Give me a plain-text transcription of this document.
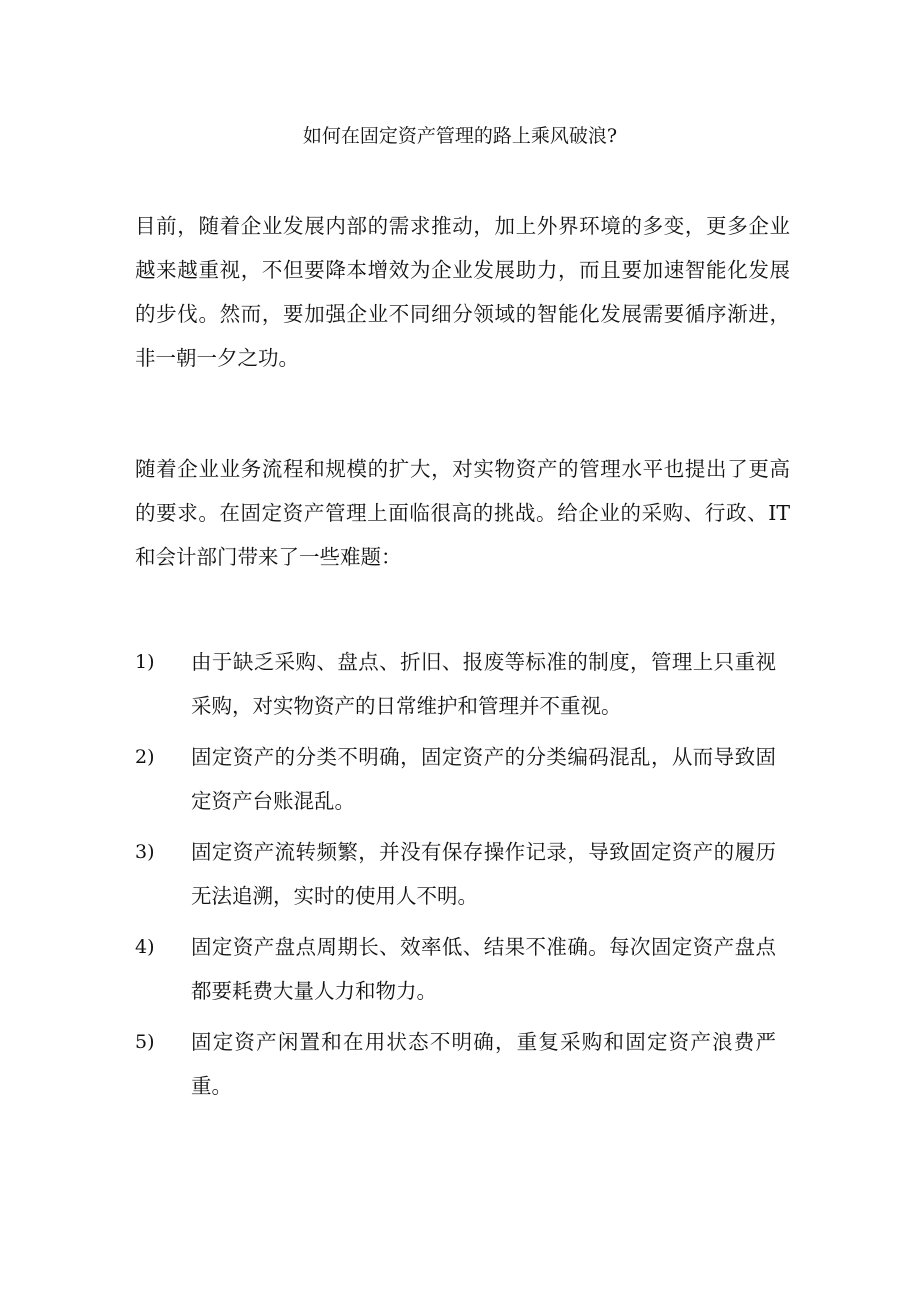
如何在固定资产管理的路上乘风破浪?

目前，随着企业发展内部的需求推动，加上外界环境的多变，更多企业越来越重视，不但要降本增效为企业发展助力，而且要加速智能化发展的步伐。然而，要加强企业不同细分领域的智能化发展需要循序渐进，非一朝一夕之功。

随着企业业务流程和规模的扩大，对实物资产的管理水平也提出了更高的要求。在固定资产管理上面临很高的挑战。给企业的采购、行政、IT和会计部门带来了一些难题：

1)	由于缺乏采购、盘点、折旧、报废等标准的制度，管理上只重视采购，对实物资产的日常维护和管理并不重视。
2)	固定资产的分类不明确，固定资产的分类编码混乱，从而导致固定资产台账混乱。
3)	固定资产流转频繁，并没有保存操作记录，导致固定资产的履历无法追溯，实时的使用人不明。
4)	固定资产盘点周期长、效率低、结果不准确。每次固定资产盘点都要耗费大量人力和物力。
5)	固定资产闲置和在用状态不明确，重复采购和固定资产浪费严重。
